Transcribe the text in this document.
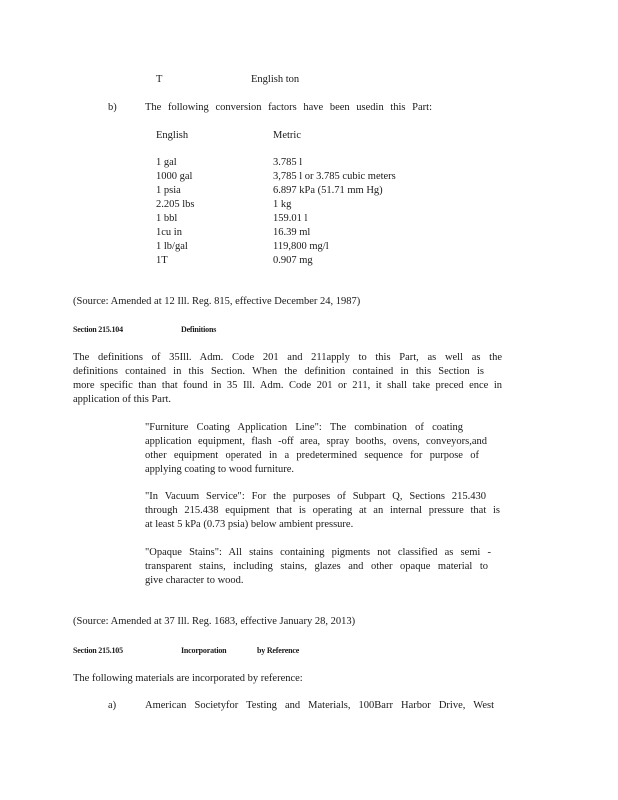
T	English ton
b)	The following conversion factors have been usedin this Part:
English	Metric
1 gal	3.785 l
1000 gal	3,785 l or 3.785 cubic meters
1 psia	6.897 kPa (51.71 mm Hg)
2.205 lbs	1 kg
1 bbl	159.01 l
1cu in	16.39 ml
1 lb/gal	119,800 mg/l
1T	0.907 mg
(Source: Amended at 12 Ill. Reg. 815, effective December 24, 1987)
Section 215.104	Definitions
The definitions of 35Ill. Adm. Code 201 and 211apply to this Part, as well as the
definitions contained in this Section. When the definition contained in this Section is
more specific than that found in 35 Ill. Adm. Code 201 or 211, it shall take preced ence in
application of this Part.
"Furniture Coating Application Line": The combination of coating
application equipment, flash -off area, spray booths, ovens, conveyors,and
other equipment operated in a predetermined sequence for purpose of
applying coating to wood furniture.
"In Vacuum Service": For the purposes of Subpart Q, Sections 215.430
through 215.438 equipment that is operating at an internal pressure that is
at least 5 kPa (0.73 psia) below ambient pressure.
"Opaque Stains": All stains containing pigments not classified as semi -
transparent stains, including stains, glazes and other opaque material to
give character to wood.
(Source: Amended at 37 Ill. Reg. 1683, effective January 28, 2013)
Section 215.105	Incorporation	by Reference
The following materials are incorporated by reference:
a)	American Societyfor Testing and Materials, 100Barr Harbor Drive, West
